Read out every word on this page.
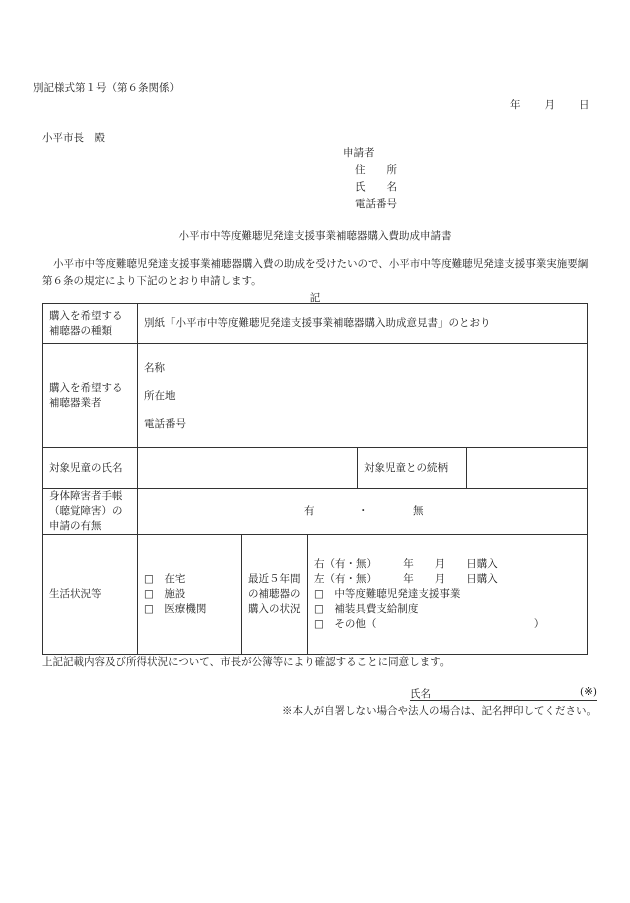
別記様式第１号（第６条関係）
年 月 日
小平市長　殿
申請者
住　　所
氏　　名
電話番号
小平市中等度難聴児発達支援事業補聴器購入費助成申請書
小平市中等度難聴児発達支援事業補聴器購入費の助成を受けたいので、小平市中等度難聴児発達支援事業実施要綱第６条の規定により下記のとおり申請します。
記
購入を希望する補聴器の種類	別紙「小平市中等度難聴児発達支援事業補聴器購入助成意見書」のとおり			
購入を希望する補聴器業者	名称
所在地
電話番号			

対象児童の氏名				対象児童との続柄

身体障害者手帳（聴覚障害）の申請の有無	有 ・ 無			

生活状況等	□　在宅
□　施設
□　医療機関	最近５年間の補聴器の購入の状況	右（有・無）　　　年　　月　　日購入
左（有・無）　　　年　　月　　日購入
□　中等度難聴児発達支援事業
□　補装具費支給制度
□　その他（　　　　　　　　　　　　　　　）	
上記記載内容及び所得状況について、市長が公簿等により確認することに同意します。
氏名	(※)
※本人が自署しない場合や法人の場合は、記名押印してください。
